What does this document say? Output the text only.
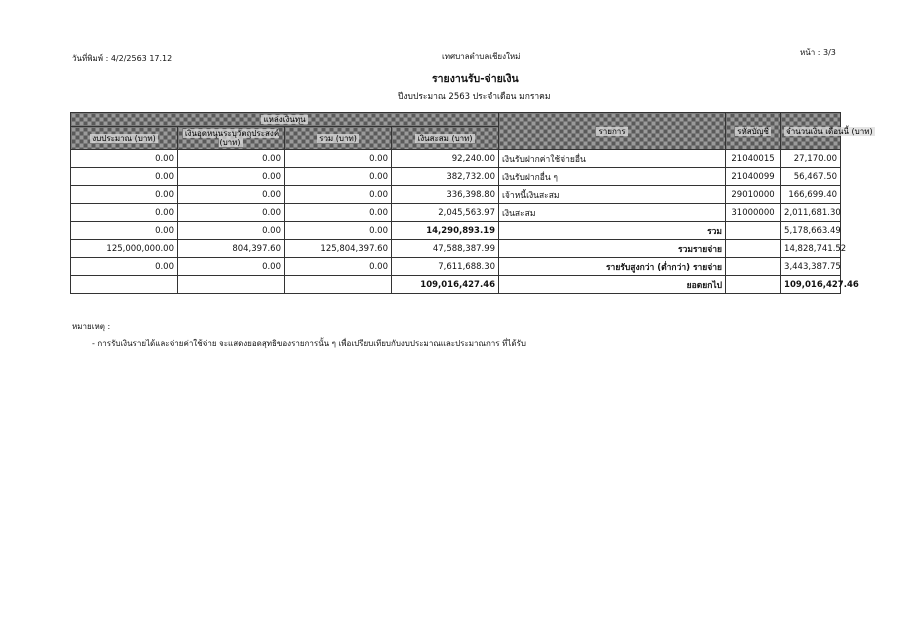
วันที่พิมพ์ : 4/2/2563 17.12	เทศบาลตำบลเชียงใหม่	หน้า : 3/3
รายงานรับ-จ่ายเงิน
ปีงบประมาณ 2563 ประจำเดือน มกราคม
แหล่งเงินทุน				รายการ	รหัสบัญชี	จำนวนเงิน เดือนนี้ (บาท)
งบประมาณ (บาท)	เงินอุดหนุนระบุวัตถุประสงค์ (บาท)	รวม (บาท)	เงินสะสม (บาท)			
0.00	0.00	0.00	92,240.00	เงินรับฝากค่าใช้จ่ายอื่น	21040015	27,170.00
0.00	0.00	0.00	382,732.00	เงินรับฝากอื่น ๆ	21040099	56,467.50
0.00	0.00	0.00	336,398.80	เจ้าหนี้เงินสะสม	29010000	166,699.40
0.00	0.00	0.00	2,045,563.97	เงินสะสม	31000000	2,011,681.30
0.00	0.00	0.00	14,290,893.19	รวม		5,178,663.49
125,000,000.00	804,397.60	125,804,397.60	47,588,387.99	รวมรายจ่าย		14,828,741.52
0.00	0.00	0.00	7,611,688.30	รายรับสูงกว่า (ต่ำกว่า) รายจ่าย		3,443,387.75
			109,016,427.46	ยอดยกไป		109,016,427.46
หมายเหตุ :
- การรับเงินรายได้และจ่ายค่าใช้จ่าย จะแสดงยอดสุทธิของรายการนั้น ๆ เพื่อเปรียบเทียบกับงบประมาณและประมาณการ ที่ได้รับ
